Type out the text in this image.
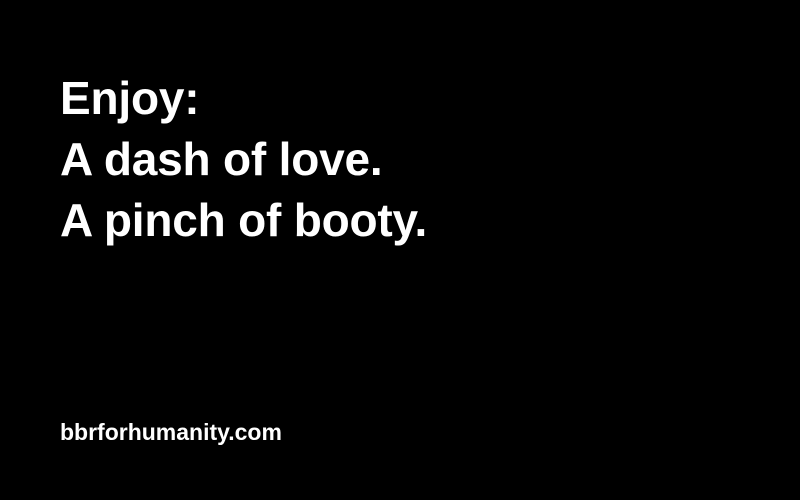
Enjoy:
A dash of love.
A pinch of booty.
bbrforhumanity.com
